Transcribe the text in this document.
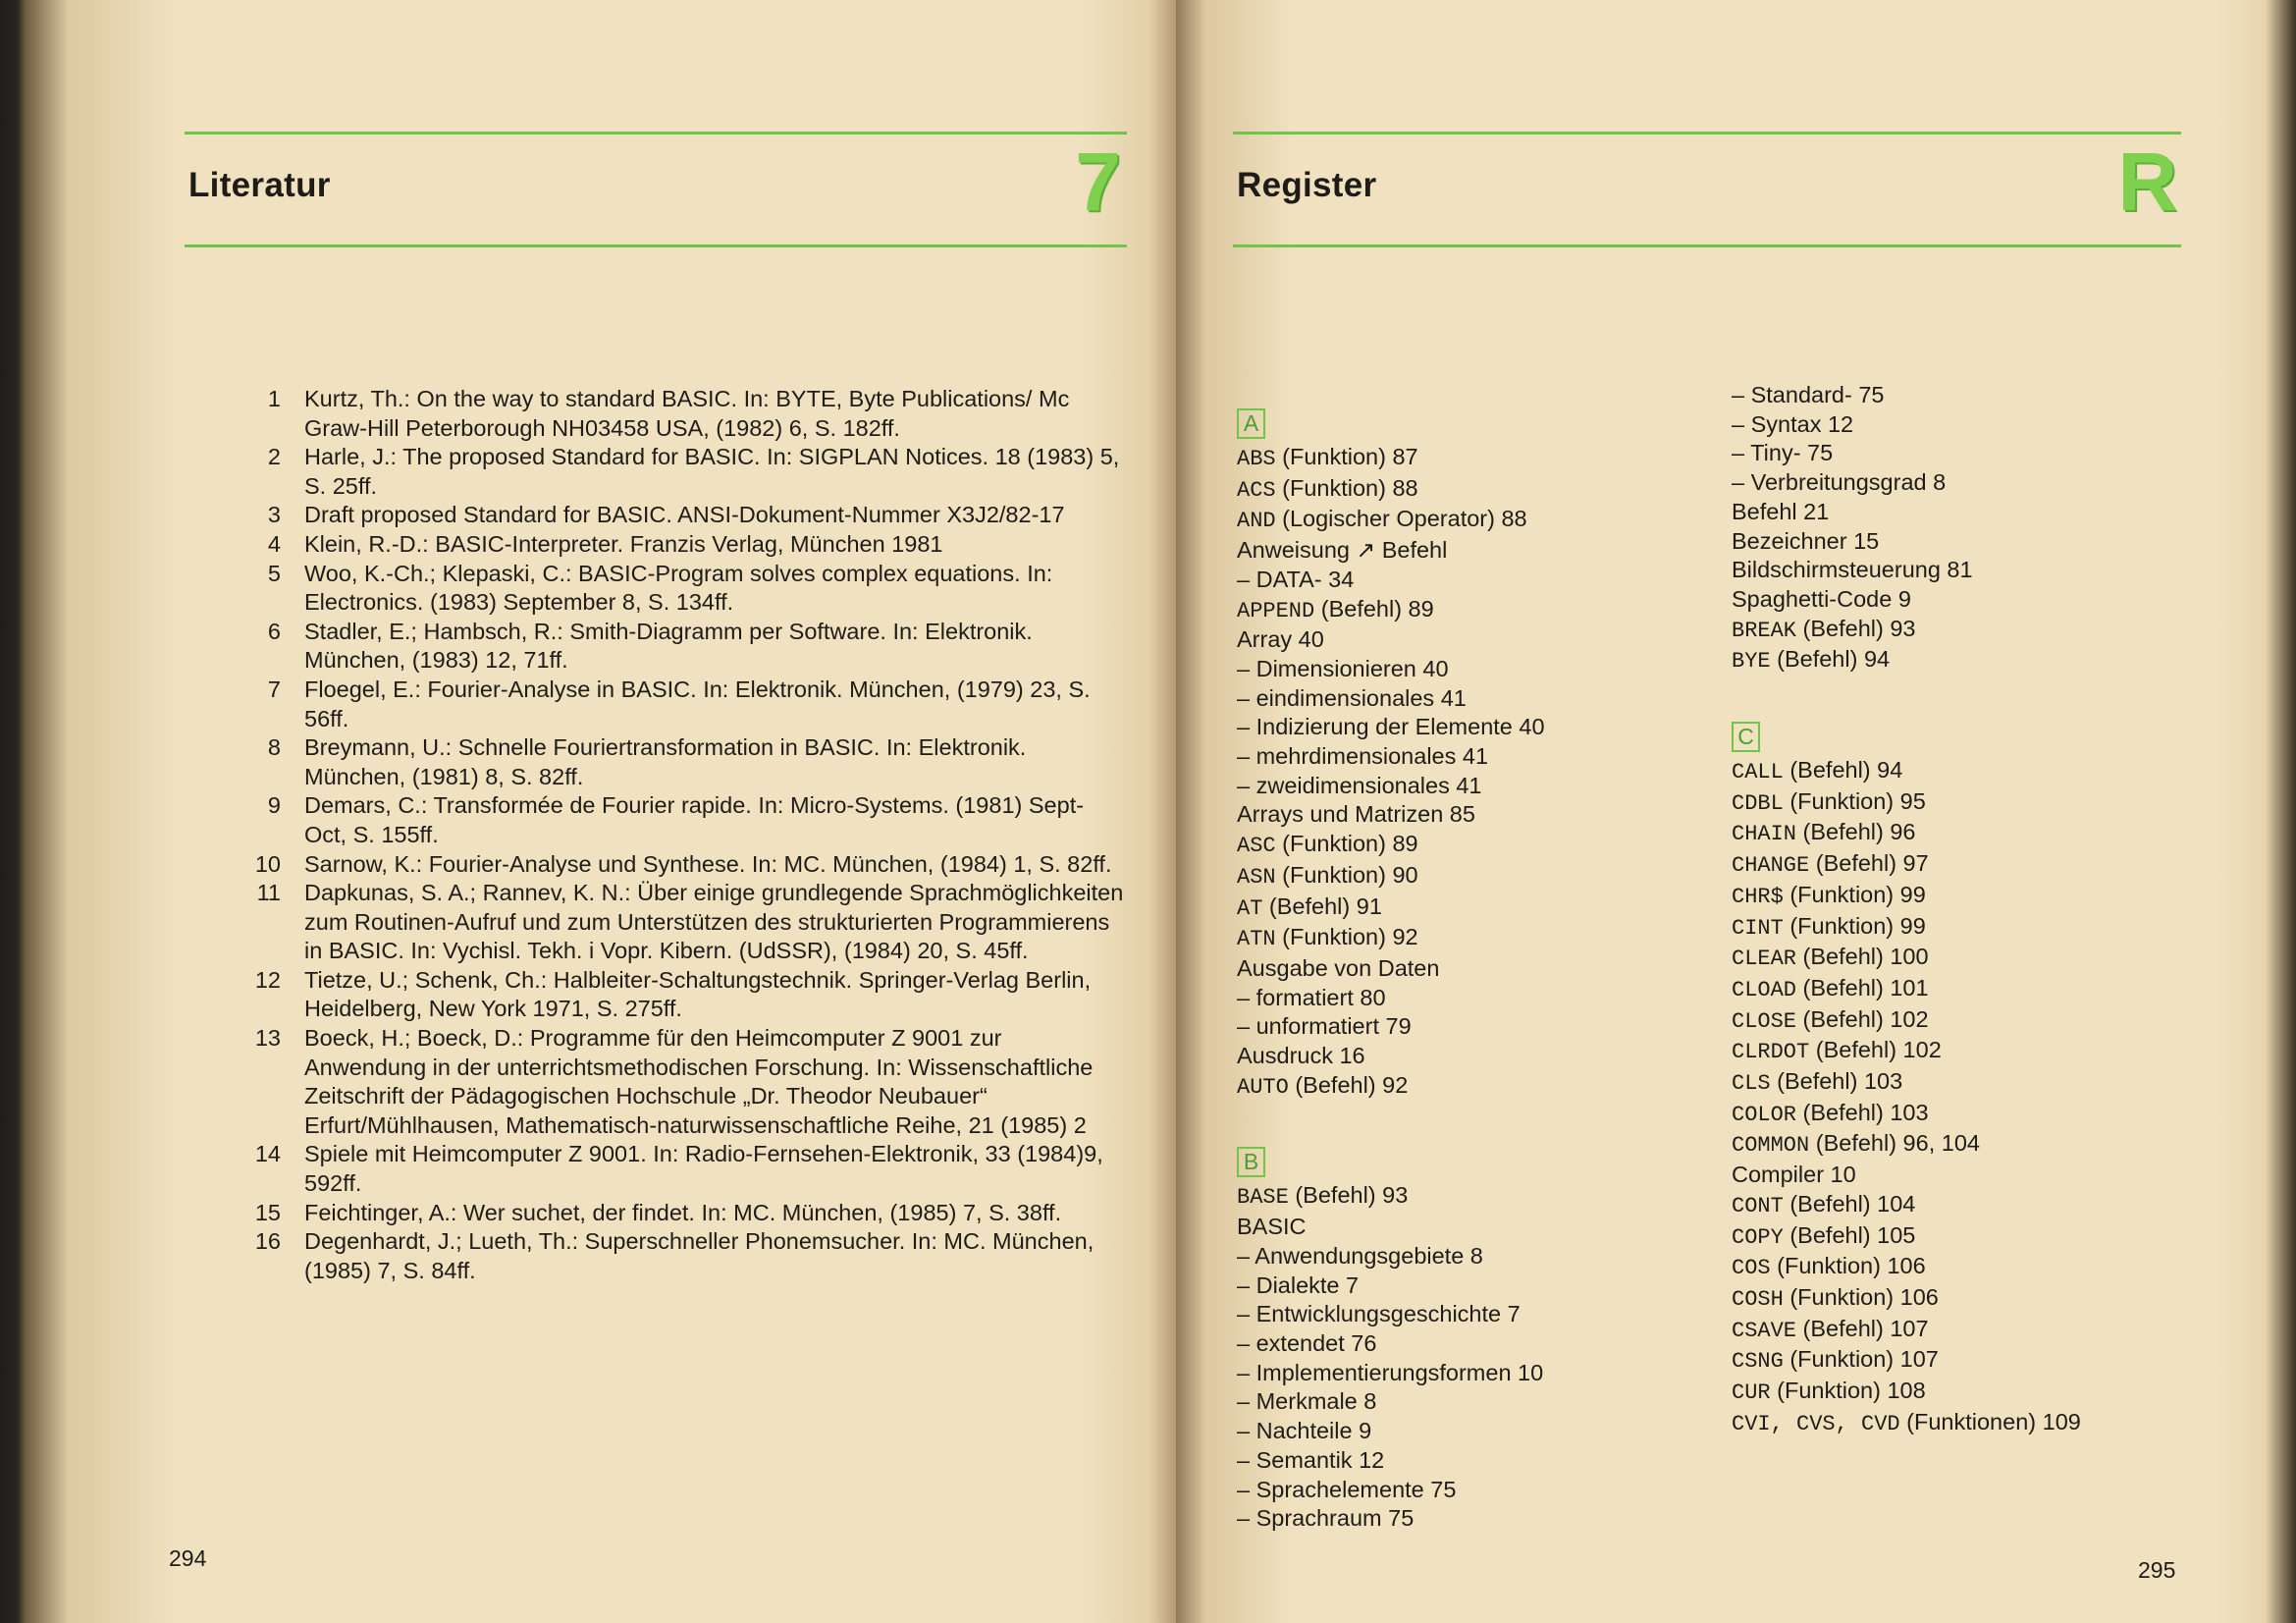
Literatur	7
1 Kurtz, Th.: On the way to standard BASIC. In: BYTE, Byte Publications/ Mc Graw-Hill Peterborough NH03458 USA, (1982) 6, S. 182ff.
2 Harle, J.: The proposed Standard for BASIC. In: SIGPLAN Notices. 18 (1983) 5, S. 25ff.
3 Draft proposed Standard for BASIC. ANSI-Dokument-Nummer X3J2/82-17
4 Klein, R.-D.: BASIC-Interpreter. Franzis Verlag, München 1981
5 Woo, K.-Ch.; Klepaski, C.: BASIC-Program solves complex equations. In: Electronics. (1983) September 8, S. 134ff.
6 Stadler, E.; Hambsch, R.: Smith-Diagramm per Software. In: Elektronik. München, (1983) 12, 71ff.
7 Floegel, E.: Fourier-Analyse in BASIC. In: Elektronik. München, (1979) 23, S. 56ff.
8 Breymann, U.: Schnelle Fouriertransformation in BASIC. In: Elektronik. München, (1981) 8, S. 82ff.
9 Demars, C.: Transformée de Fourier rapide. In: Micro-Systems. (1981) Sept-Oct, S. 155ff.
10 Sarnow, K.: Fourier-Analyse und Synthese. In: MC. München, (1984) 1, S. 82ff.
11 Dapkunas, S. A.; Rannev, K. N.: Über einige grundlegende Sprachmöglichkeiten zum Routinen-Aufruf und zum Unterstützen des strukturierten Programmierens in BASIC. In: Vychisl. Tekh. i Vopr. Kibern. (UdSSR), (1984) 20, S. 45ff.
12 Tietze, U.; Schenk, Ch.: Halbleiter-Schaltungstechnik. Springer-Verlag Berlin, Heidelberg, New York 1971, S. 275ff.
13 Boeck, H.; Boeck, D.: Programme für den Heimcomputer Z 9001 zur Anwendung in der unterrichtsmethodischen Forschung. In: Wissenschaftliche Zeitschrift der Pädagogischen Hochschule „Dr. Theodor Neubauer“ Erfurt/Mühlhausen, Mathematisch-naturwissenschaftliche Reihe, 21 (1985) 2
14 Spiele mit Heimcomputer Z 9001. In: Radio-Fernsehen-Elektronik, 33 (1984)9, 592ff.
15 Feichtinger, A.: Wer suchet, der findet. In: MC. München, (1985) 7, S. 38ff.
16 Degenhardt, J.; Lueth, Th.: Superschneller Phonemsucher. In: MC. München, (1985) 7, S. 84ff.
294
Register	R
A
ABS (Funktion) 87
ACS (Funktion) 88
AND (Logischer Operator) 88
Anweisung ↗ Befehl
– DATA- 34
APPEND (Befehl) 89
Array 40
– Dimensionieren 40
– eindimensionales 41
– Indizierung der Elemente 40
– mehrdimensionales 41
– zweidimensionales 41
Arrays und Matrizen 85
ASC (Funktion) 89
ASN (Funktion) 90
AT (Befehl) 91
ATN (Funktion) 92
Ausgabe von Daten
– formatiert 80
– unformatiert 79
Ausdruck 16
AUTO (Befehl) 92
B
BASE (Befehl) 93
BASIC
– Anwendungsgebiete 8
– Dialekte 7
– Entwicklungsgeschichte 7
– extendet 76
– Implementierungsformen 10
– Merkmale 8
– Nachteile 9
– Semantik 12
– Sprachelemente 75
– Sprachraum 75
– Standard- 75
– Syntax 12
– Tiny- 75
– Verbreitungsgrad 8
Befehl 21
Bezeichner 15
Bildschirmsteuerung 81
Spaghetti-Code 9
BREAK (Befehl) 93
BYE (Befehl) 94
C
CALL (Befehl) 94
CDBL (Funktion) 95
CHAIN (Befehl) 96
CHANGE (Befehl) 97
CHR$ (Funktion) 99
CINT (Funktion) 99
CLEAR (Befehl) 100
CLOAD (Befehl) 101
CLOSE (Befehl) 102
CLRDOT (Befehl) 102
CLS (Befehl) 103
COLOR (Befehl) 103
COMMON (Befehl) 96, 104
Compiler 10
CONT (Befehl) 104
COPY (Befehl) 105
COS (Funktion) 106
COSH (Funktion) 106
CSAVE (Befehl) 107
CSNG (Funktion) 107
CUR (Funktion) 108
CVI, CVS, CVD (Funktionen) 109
295
